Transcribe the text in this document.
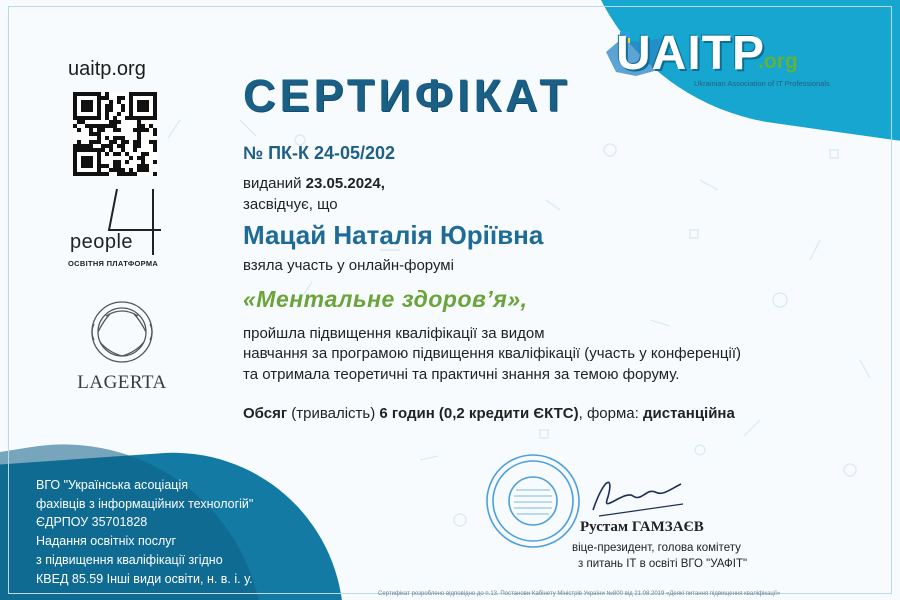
uaitp.org
people
ОСВІТНЯ ПЛАТФОРМА
LAGERTA
UAITP
.org
Ukrainian Association of IT Professionals
СЕРТИФІКАТ
№ ПК-К 24-05/202
виданий 23.05.2024,
засвідчує, що
Мацай Наталія Юріївна
взяла участь у онлайн-форумі
«Ментальне здоров’я»,
пройшла підвищення кваліфікації за видом
навчання за програмою підвищення кваліфікації (участь у конференції)
та отримала теоретичні та практичні знання за темою форуму.
Обсяг (тривалість) 6 годин (0,2 кредити ЄКТС), форма: дистанційна
Рустам ГАМЗАЄВ
віце-президент, голова комітету
з питань ІТ в освіті ВГО "УАФІТ"
ВГО "Українська асоціація
фахівців з інформаційних технологій"
ЄДРПОУ 35701828
Надання освітніх послуг
з підвищення кваліфікації згідно
КВЕД 85.59 Інші види освіти, н. в. і. у.
Сертифікат розроблено відповідно до п.13. Постанови Кабінету Міністрів України №800 від 21.08.2019 «Деякі питання підвищення кваліфікації»
